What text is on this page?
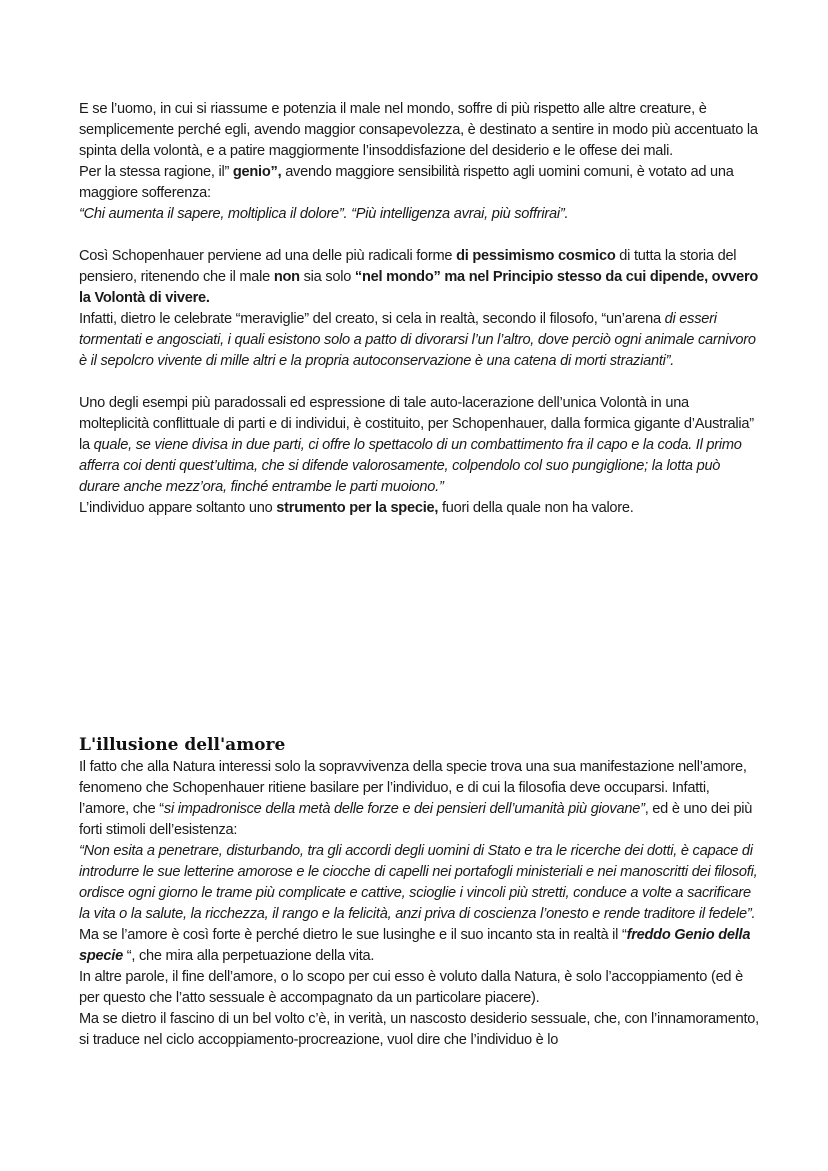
E se l’uomo, in cui si riassume e potenzia il male nel mondo, soffre di più rispetto alle altre creature, è semplicemente perché egli, avendo maggior consapevolezza, è destinato a sentire in modo più accentuato la spinta della volontà, e a patire maggiormente l’insoddisfazione del desiderio e le offese dei mali.

Per la stessa ragione, il” genio”, avendo maggiore sensibilità rispetto agli uomini comuni, è votato ad una maggiore sofferenza:

“Chi aumenta il sapere, moltiplica il dolore”. “Più intelligenza avrai, più soffrirai”.

Così Schopenhauer perviene ad una delle più radicali forme di pessimismo cosmico di tutta la storia del pensiero, ritenendo che il male non sia solo “nel mondo” ma nel Principio stesso da cui dipende, ovvero la Volontà di vivere.

Infatti, dietro le celebrate “meraviglie” del creato, si cela in realtà, secondo il filosofo, “un’arena di esseri tormentati e angosciati, i quali esistono solo a patto di divorarsi l’un l’altro, dove perciò ogni animale carnivoro è il sepolcro vivente di mille altri e la propria autoconservazione è una catena di morti strazianti”.

Uno degli esempi più paradossali ed espressione di tale auto-lacerazione dell’unica Volontà in una molteplicità conflittuale di parti e di individui, è costituito, per Schopenhauer, dalla formica gigante d’Australia” la quale, se viene divisa in due parti, ci offre lo spettacolo di un combattimento fra il capo e la coda. Il primo afferra coi denti quest’ultima, che si difende valorosamente, colpendolo col suo pungiglione; la lotta può durare anche mezz’ora, finché entrambe le parti muoiono.”

L’individuo appare soltanto uno strumento per la specie, fuori della quale non ha valore.

L'illusione dell'amore

Il fatto che alla Natura interessi solo la sopravvivenza della specie trova una sua manifestazione nell’amore, fenomeno che Schopenhauer ritiene basilare per l’individuo, e di cui la filosofia deve occuparsi. Infatti, l’amore, che “si impadronisce della metà delle forze e dei pensieri dell’umanità più giovane”, ed è uno dei più forti stimoli dell’esistenza:

“Non esita a penetrare, disturbando, tra gli accordi degli uomini di Stato e tra le ricerche dei dotti, è capace di introdurre le sue letterine amorose e le ciocche di capelli nei portafogli ministeriali e nei manoscritti dei filosofi, ordisce ogni giorno le trame più complicate e cattive, scioglie i vincoli più stretti, conduce a volte a sacrificare la vita o la salute, la ricchezza, il rango e la felicità, anzi priva di coscienza l’onesto e rende traditore il fedele”.

Ma se l’amore è così forte è perché dietro le sue lusinghe e il suo incanto sta in realtà il “freddo Genio della specie “, che mira alla perpetuazione della vita.

In altre parole, il fine dell’amore, o lo scopo per cui esso è voluto dalla Natura, è solo l’accoppiamento (ed è per questo che l’atto sessuale è accompagnato da un particolare piacere).

Ma se dietro il fascino di un bel volto c’è, in verità, un nascosto desiderio sessuale, che, con l’innamoramento, si traduce nel ciclo accoppiamento-procreazione, vuol dire che l’individuo è lo
